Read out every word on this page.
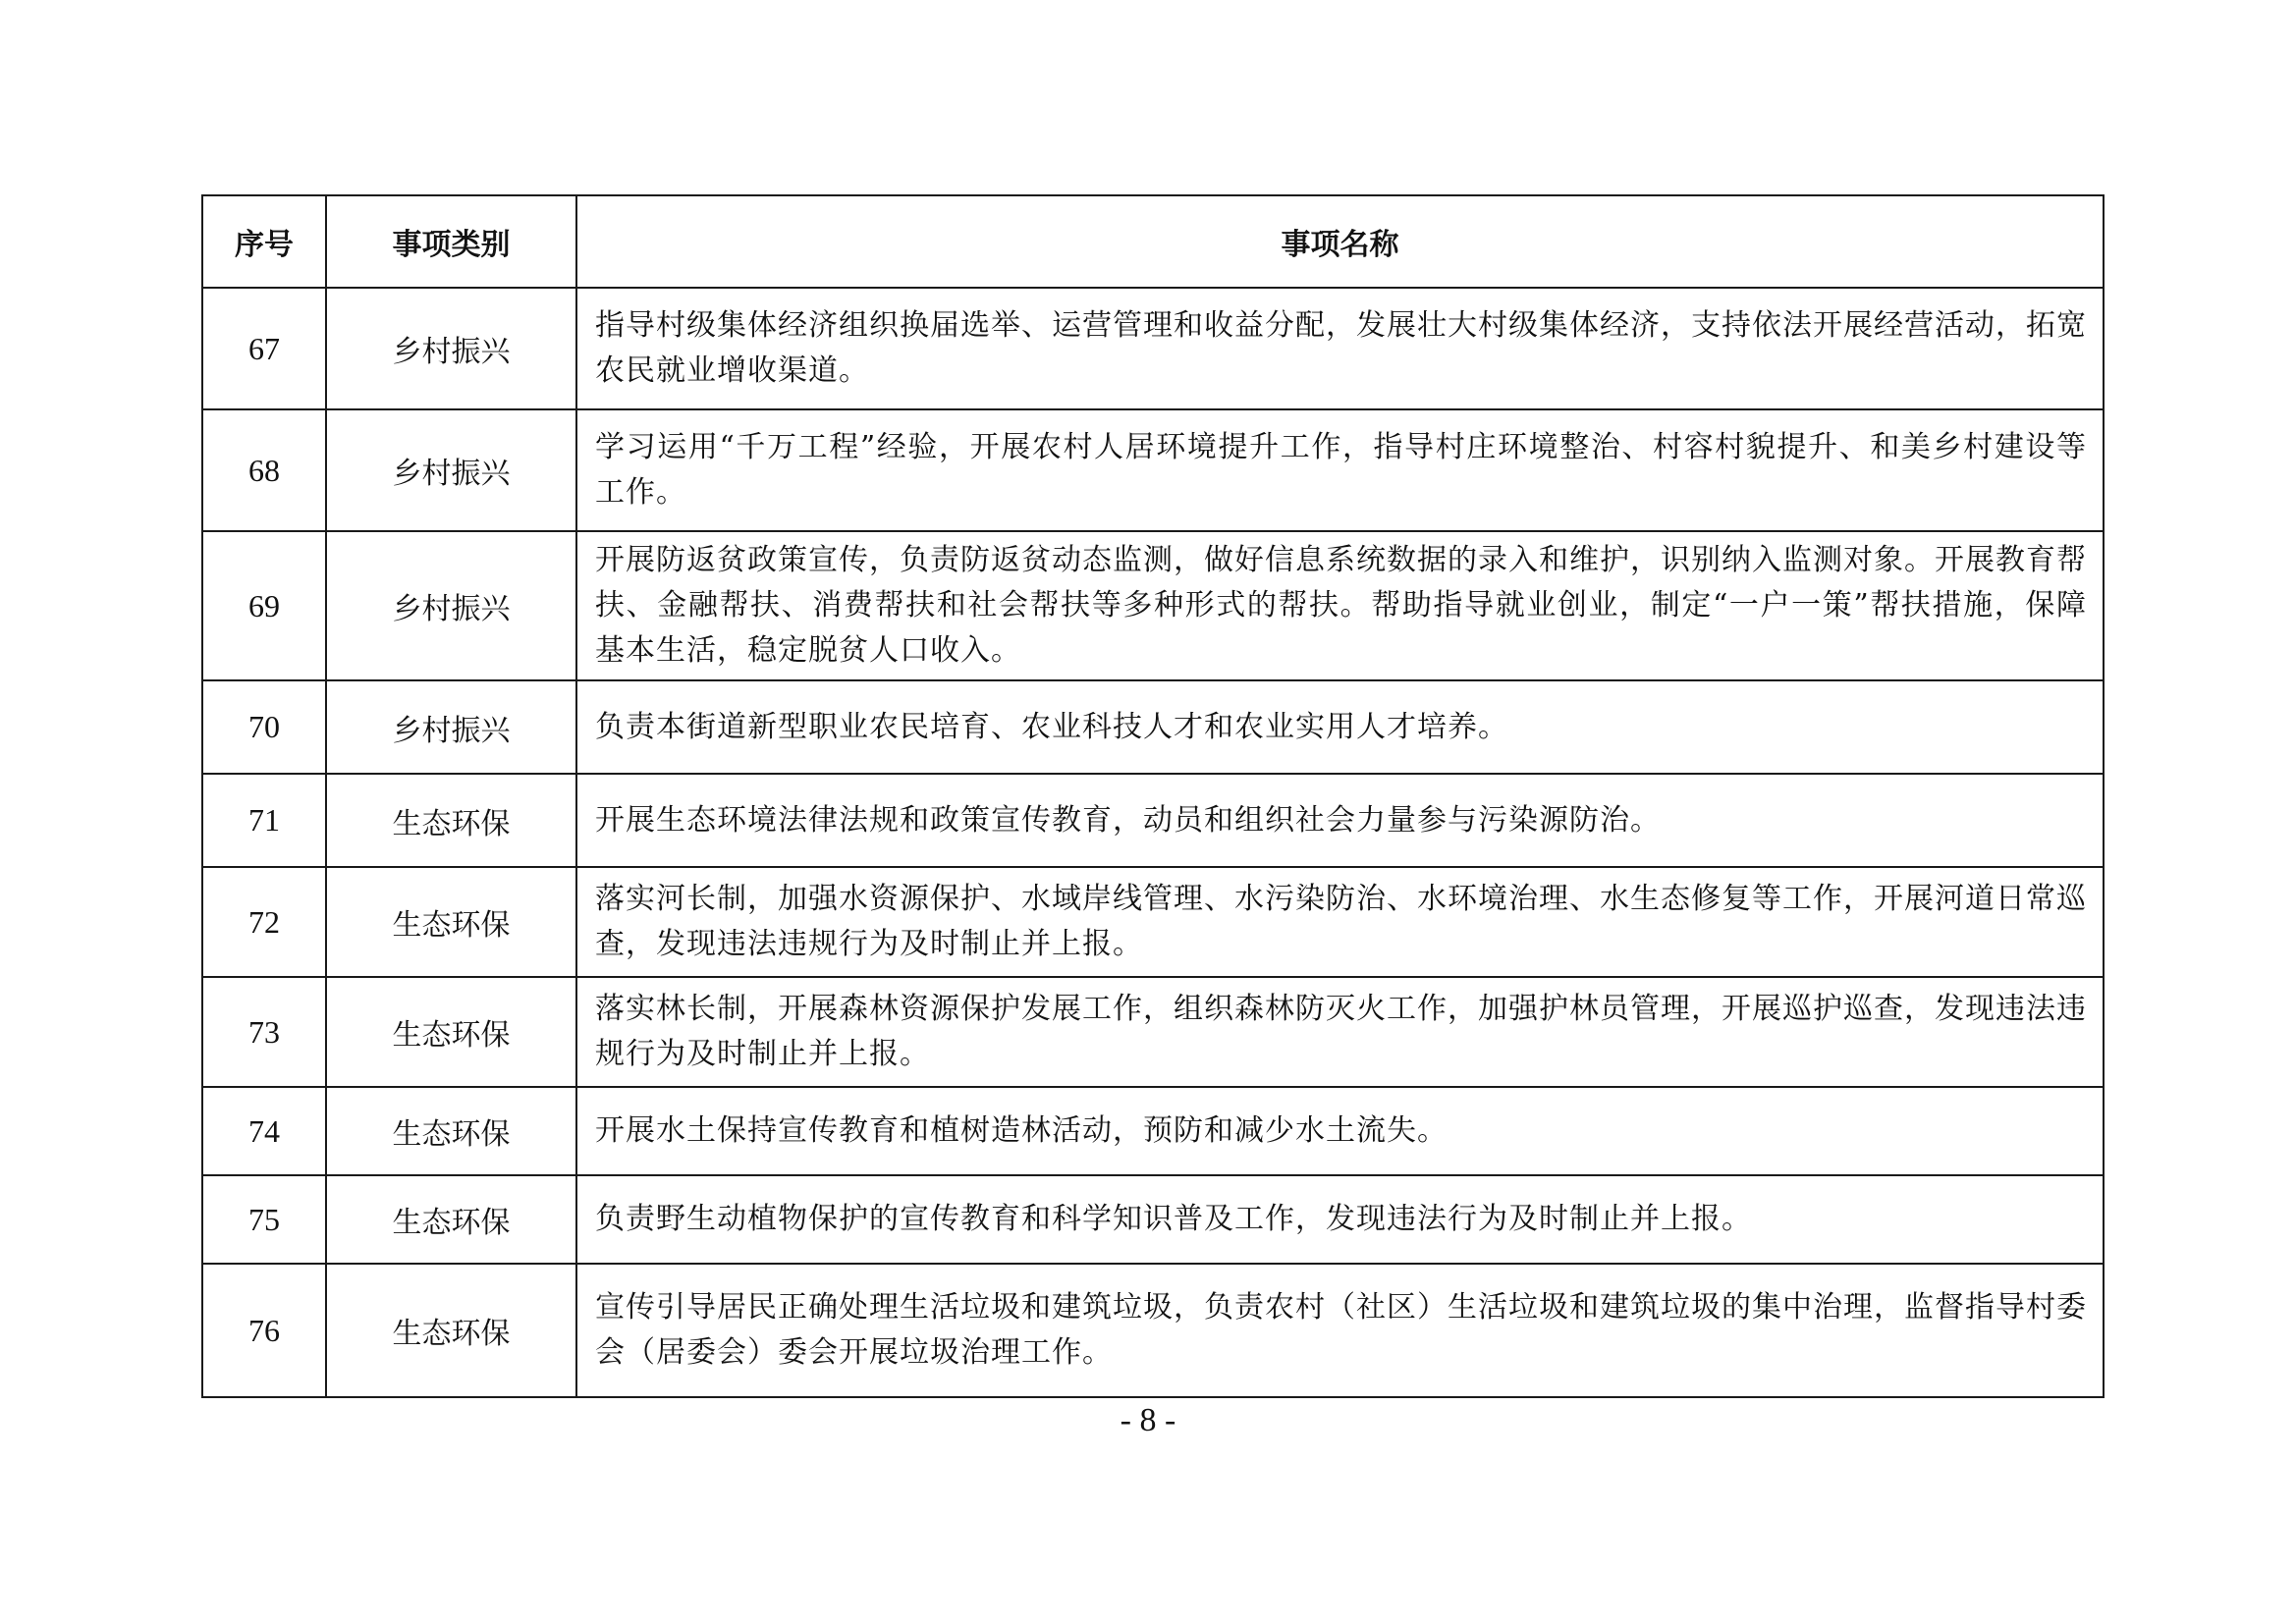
序号	事项类别	事项名称
67	乡村振兴	指导村级集体经济组织换届选举、运营管理和收益分配，发展壮大村级集体经济，支持依法开展经营活动，拓宽农民就业增收渠道。
68	乡村振兴	学习运用“千万工程”经验，开展农村人居环境提升工作，指导村庄环境整治、村容村貌提升、和美乡村建设等工作。
69	乡村振兴	开展防返贫政策宣传，负责防返贫动态监测，做好信息系统数据的录入和维护，识别纳入监测对象。开展教育帮扶、金融帮扶、消费帮扶和社会帮扶等多种形式的帮扶。帮助指导就业创业，制定“一户一策”帮扶措施，保障基本生活，稳定脱贫人口收入。
70	乡村振兴	负责本街道新型职业农民培育、农业科技人才和农业实用人才培养。
71	生态环保	开展生态环境法律法规和政策宣传教育，动员和组织社会力量参与污染源防治。
72	生态环保	落实河长制，加强水资源保护、水域岸线管理、水污染防治、水环境治理、水生态修复等工作，开展河道日常巡查，发现违法违规行为及时制止并上报。
73	生态环保	落实林长制，开展森林资源保护发展工作，组织森林防灭火工作，加强护林员管理，开展巡护巡查，发现违法违规行为及时制止并上报。
74	生态环保	开展水土保持宣传教育和植树造林活动，预防和减少水土流失。
75	生态环保	负责野生动植物保护的宣传教育和科学知识普及工作，发现违法行为及时制止并上报。
76	生态环保	宣传引导居民正确处理生活垃圾和建筑垃圾，负责农村（社区）生活垃圾和建筑垃圾的集中治理，监督指导村委会（居委会）委会开展垃圾治理工作。
- 8 -
